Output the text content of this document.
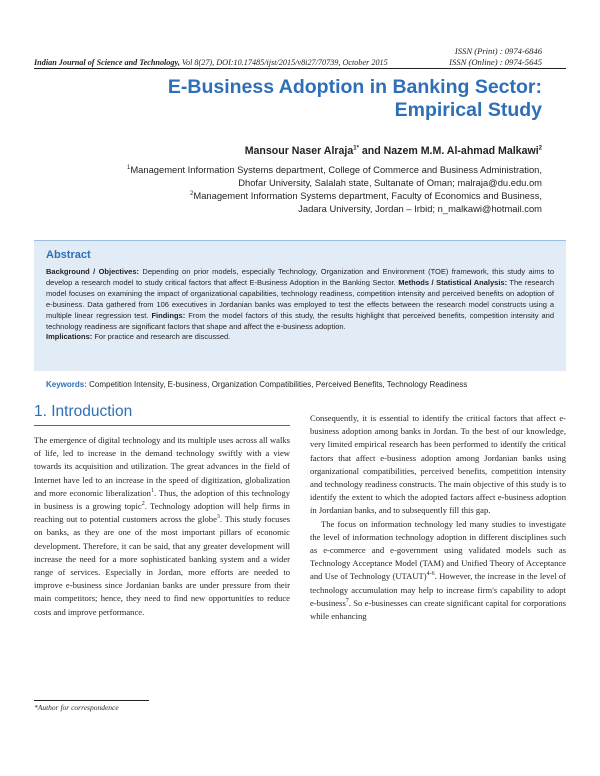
ISSN (Print) : 0974-6846
ISSN (Online) : 0974-5645
Indian Journal of Science and Technology, Vol 8(27), DOI:10.17485/ijst/2015/v8i27/70739, October 2015
E-Business Adoption in Banking Sector:
Empirical Study
Mansour Naser Alraja$^{1*}$ and Nazem M.M. Al-ahmad Malkawi$^2$
$^1$Management Information Systems department, College of Commerce and Business Administration,
Dhofar University, Salalah state, Sultanate of Oman; malraja@du.edu.om
$^2$Management Information Systems department, Faculty of Economics and Business,
Jadara University, Jordan – Irbid; n_malkawi@hotmail.com
Abstract

Background / Objectives: Depending on prior models, especially Technology, Organization and Environment (TOE) framework, this study aims to develop a research model to study critical factors that affect E-Business Adoption in the Banking Sector. Methods / Statistical Analysis: The research model focuses on examining the impact of organizational capabilities, technology readiness, competition intensity and perceived benefits on adoption of e-business. Data gathered from 106 executives in Jordanian banks was employed to test the effects between the research model constructs using a multiple linear regression test. Findings: From the model factors of this study, the results highlight that perceived benefits, competition intensity and technology readiness are significant factors that shape and affect the e-business adoption.

Implications: For practice and research are discussed.

Keywords: Competition Intensity, E-business, Organization Compatibilities, Perceived Benefits, Technology Readiness
1. Introduction

The emergence of digital technology and its multiple uses across all walks of life, led to increase in the demand technology swiftly with a view towards its acquisition and utilization. The great advances in the field of Internet have led to an increase in the speed of digitization, globalization and more economic liberalization$^1$. Thus, the adoption of this technology in business is a growing topic$^2$. Technology adoption will help firms in reaching out to potential customers across the globe$^3$. This study focuses on banks, as they are one of the most important pillars of economic development. Therefore, it can be said, that any greater development will increase the need for a more sophisticated banking system and a wider range of services. Especially in Jordan, more efforts are needed to improve e-business since Jordanian banks are under pressure from their main competitors; hence, they need to find new opportunities to reduce costs and improve performance.

Consequently, it is essential to identify the critical factors that affect e-business adoption among banks in Jordan. To the best of our knowledge, very limited empirical research has been performed to identify the critical factors that affect e-business adoption among Jordanian banks using organizational compatibilities, perceived benefits, competition intensity and technology readiness constructs. The main objective of this study is to identify the extent to which the adopted factors affect e-business adoption in Jordanian banks, and to subsequently fill this gap.

The focus on information technology led many studies to investigate the level of information technology adoption in different disciplines such as e-commerce and e-government using validated models such as Technology Acceptance Model (TAM) and Unified Theory of Acceptance and Use of Technology (UTAUT)$^{4-6}$. However, the increase in the level of technology accumulation may help to increase firm's capability to adopt e-business$^7$. So e-businesses can create significant capital for corporations while enhancing

*Author for correspondence
